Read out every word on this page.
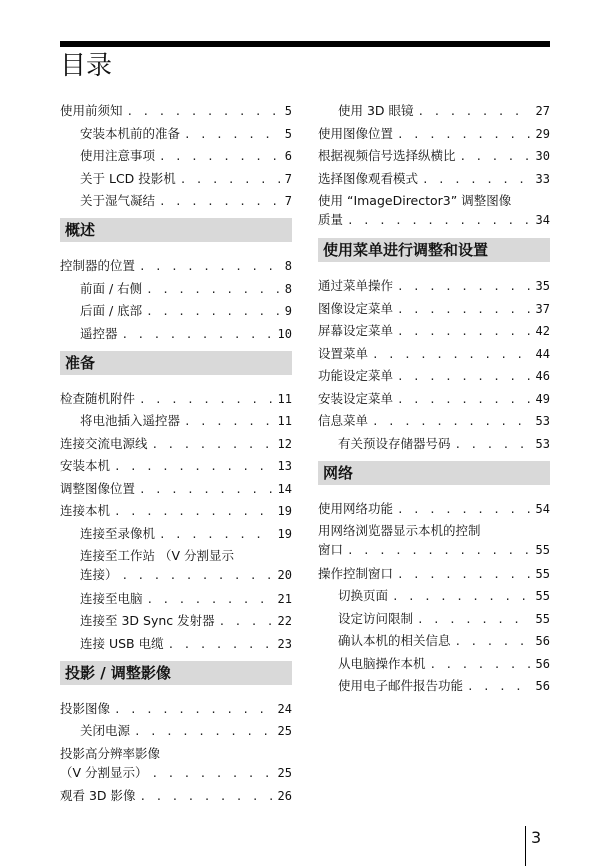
目录
使用前须知 . . .	5
安装本机前的准备 . . .	5
使用注意事项 . . .	6
关于 LCD 投影机 . . .	7
关于湿气凝结 . . .	7
概述
控制器的位置 . . .	8
前面 / 右侧 . . .	8
后面 / 底部 . . .	9
遥控器 . . .	10
准备
检查随机附件 . . .	11
将电池插入遥控器 . . .	11
连接交流电源线 . . .	12
安装本机 . . .	13
调整图像位置 . . .	14
连接本机 . . .	19
连接至录像机 . . .	19
连接至工作站 （V 分割显示
连接） . . .	20
连接至电脑 . . .	21
连接至 3D Sync 发射器 . . .	22
连接 USB 电缆 . . .	23
投影 / 调整影像
投影图像 . . .	24
关闭电源 . . .	25
投影高分辨率影像
（V 分割显示） . . .	25
观看 3D 影像 . . .	26
使用 3D 眼镜 . . .	27
使用图像位置 . . .	29
根据视频信号选择纵横比 . . .	30
选择图像观看模式 . . .	33
使用 “ImageDirector3” 调整图像
质量 . . .	34
使用菜单进行调整和设置
通过菜单操作 . . .	35
图像设定菜单 . . .	37
屏幕设定菜单 . . .	42
设置菜单 . . .	44
功能设定菜单 . . .	46
安装设定菜单 . . .	49
信息菜单 . . .	53
有关预设存储器号码 . . .	53
网络
使用网络功能 . . .	54
用网络浏览器显示本机的控制
窗口 . . .	55
操作控制窗口 . . .	55
切换页面 . . .	55
设定访问限制 . . .	55
确认本机的相关信息 . . .	56
从电脑操作本机 . . .	56
使用电子邮件报告功能 . . .	56
3
